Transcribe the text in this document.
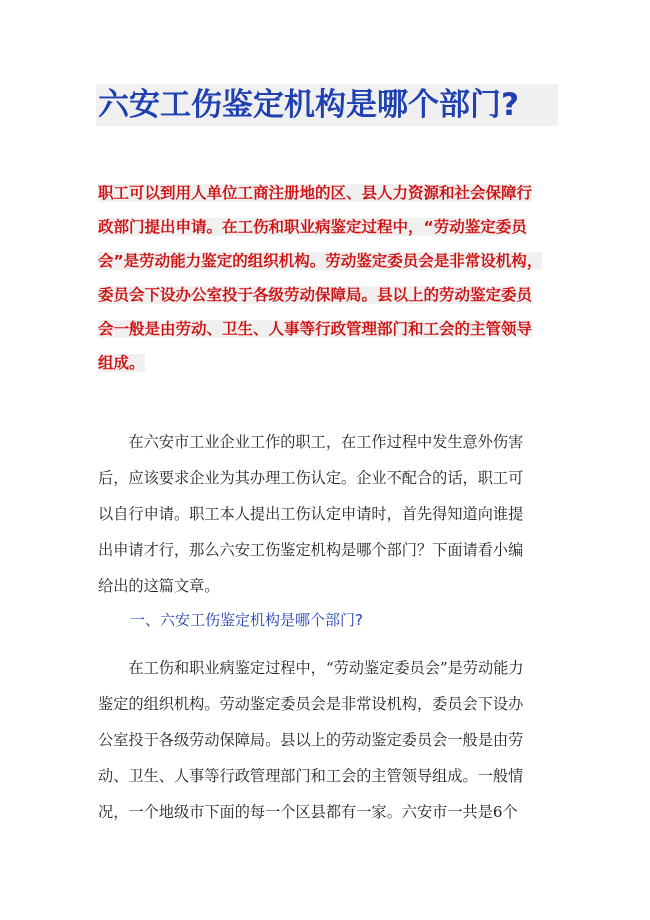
六安工伤鉴定机构是哪个部门?
职工可以到用人单位工商注册地的区、县人力资源和社会保障行
政部门提出申请。在工伤和职业病鉴定过程中，“劳动鉴定委员
会”是劳动能力鉴定的组织机构。劳动鉴定委员会是非常设机构，
委员会下设办公室投于各级劳动保障局。县以上的劳动鉴定委员
会一般是由劳动、卫生、人事等行政管理部门和工会的主管领导
组成。
　　在六安市工业企业工作的职工，在工作过程中发生意外伤害
后，应该要求企业为其办理工伤认定。企业不配合的话，职工可
以自行申请。职工本人提出工伤认定申请时，首先得知道向谁提
出申请才行，那么六安工伤鉴定机构是哪个部门？下面请看小编
给出的这篇文章。
一、六安工伤鉴定机构是哪个部门?
　　在工伤和职业病鉴定过程中，“劳动鉴定委员会”是劳动能力
鉴定的组织机构。劳动鉴定委员会是非常设机构，委员会下设办
公室投于各级劳动保障局。县以上的劳动鉴定委员会一般是由劳
动、卫生、人事等行政管理部门和工会的主管领导组成。一般情
况，一个地级市下面的每一个区县都有一家。六安市一共是6个
